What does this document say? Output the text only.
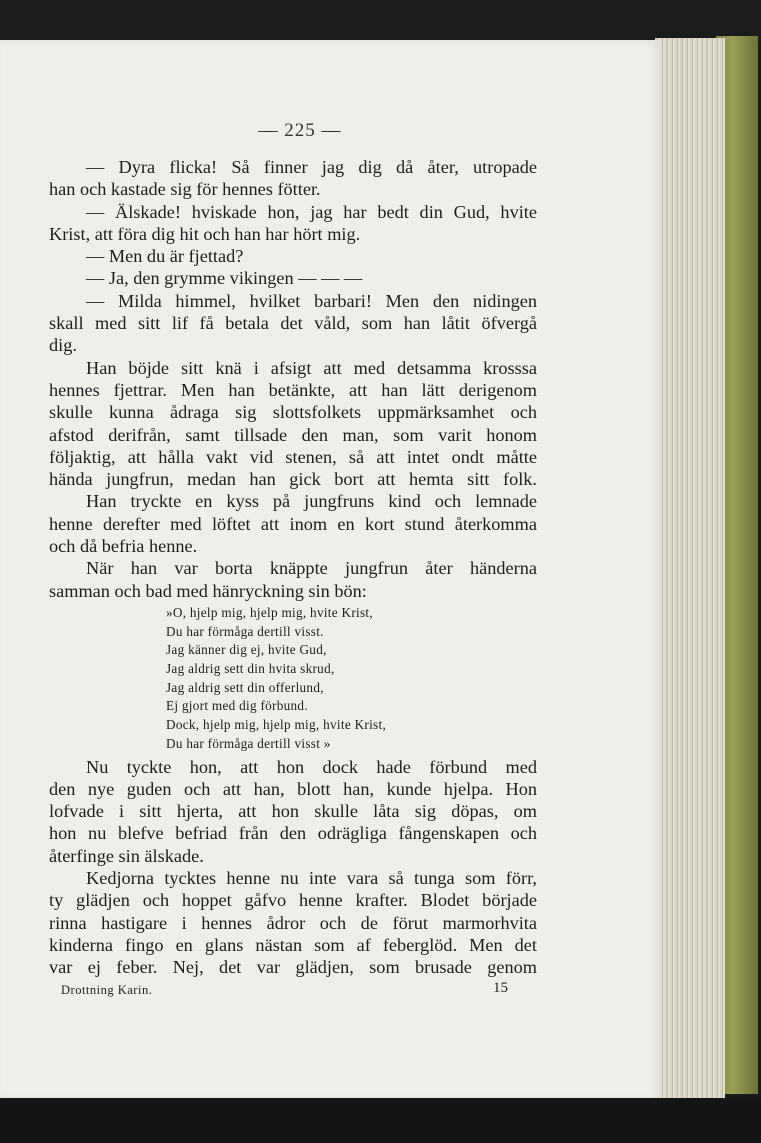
— 225 —
— Dyra flicka! Så finner jag dig då åter, utropade
han och kastade sig för hennes fötter.
— Älskade! hviskade hon, jag har bedt din Gud, hvite
Krist, att föra dig hit och han har hört mig.
— Men du är fjettad?
— Ja, den grymme vikingen — — —
— Milda himmel, hvilket barbari! Men den nidingen
skall med sitt lif få betala det våld, som han låtit öfvergå
dig.
Han böjde sitt knä i afsigt att med detsamma krosssa
hennes fjettrar. Men han betänkte, att han lätt derigenom
skulle kunna ådraga sig slottsfolkets uppmärksamhet och
afstod derifrån, samt tillsade den man, som varit honom
följaktig, att hålla vakt vid stenen, så att intet ondt måtte
hända jungfrun, medan han gick bort att hemta sitt folk.
Han tryckte en kyss på jungfruns kind och lemnade
henne derefter med löftet att inom en kort stund återkomma
och då befria henne.
När han var borta knäppte jungfrun åter händerna
samman och bad med hänryckning sin bön:
»O, hjelp mig, hjelp mig, hvite Krist,
Du har förmåga dertill visst.
Jag känner dig ej, hvite Gud,
Jag aldrig sett din hvita skrud,
Jag aldrig sett din offerlund,
Ej gjort med dig förbund.
Dock, hjelp mig, hjelp mig, hvite Krist,
Du har förmåga dertill visst »
Nu tyckte hon, att hon dock hade förbund med
den nye guden och att han, blott han, kunde hjelpa. Hon
lofvade i sitt hjerta, att hon skulle låta sig döpas, om
hon nu blefve befriad från den odrägliga fångenskapen och
återfinge sin älskade.
Kedjorna tycktes henne nu inte vara så tunga som förr,
ty glädjen och hoppet gåfvo henne krafter. Blodet började
rinna hastigare i hennes ådror och de förut marmorhvita
kinderna fingo en glans nästan som af feberglöd. Men det
var ej feber. Nej, det var glädjen, som brusade genom
Drottning Karin.	15
